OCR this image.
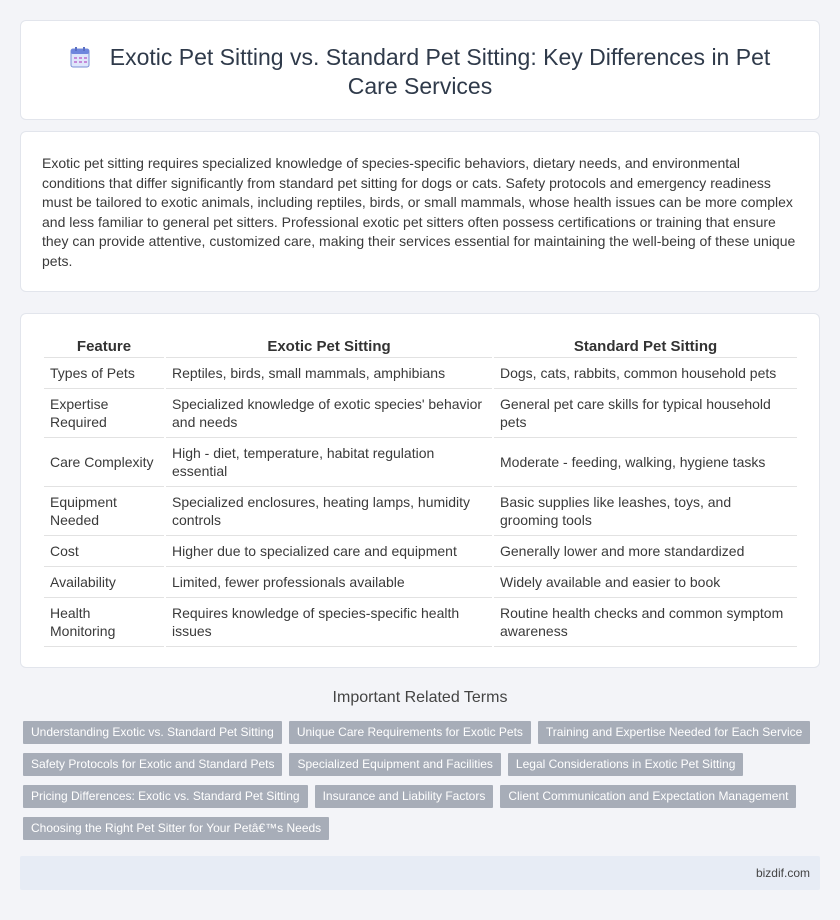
Exotic Pet Sitting vs. Standard Pet Sitting: Key Differences in Pet Care Services

Exotic pet sitting requires specialized knowledge of species-specific behaviors, dietary needs, and environmental conditions that differ significantly from standard pet sitting for dogs or cats. Safety protocols and emergency readiness must be tailored to exotic animals, including reptiles, birds, or small mammals, whose health issues can be more complex and less familiar to general pet sitters. Professional exotic pet sitters often possess certifications or training that ensure they can provide attentive, customized care, making their services essential for maintaining the well-being of these unique pets.

Feature	Exotic Pet Sitting	Standard Pet Sitting
Types of Pets	Reptiles, birds, small mammals, amphibians	Dogs, cats, rabbits, common household pets
Expertise Required	Specialized knowledge of exotic species' behavior and needs	General pet care skills for typical household pets
Care Complexity	High - diet, temperature, habitat regulation essential	Moderate - feeding, walking, hygiene tasks
Equipment Needed	Specialized enclosures, heating lamps, humidity controls	Basic supplies like leashes, toys, and grooming tools
Cost	Higher due to specialized care and equipment	Generally lower and more standardized
Availability	Limited, fewer professionals available	Widely available and easier to book
Health Monitoring	Requires knowledge of species-specific health issues	Routine health checks and common symptom awareness
Important Related Terms
Understanding Exotic vs. Standard Pet Sitting	Unique Care Requirements for Exotic Pets	Training and Expertise Needed for Each Service
Safety Protocols for Exotic and Standard Pets	Specialized Equipment and Facilities	Legal Considerations in Exotic Pet Sitting
Pricing Differences: Exotic vs. Standard Pet Sitting	Insurance and Liability Factors	Client Communication and Expectation Management
Choosing the Right Pet Sitter for Your Petâ€™s Needs
bizdif.com
